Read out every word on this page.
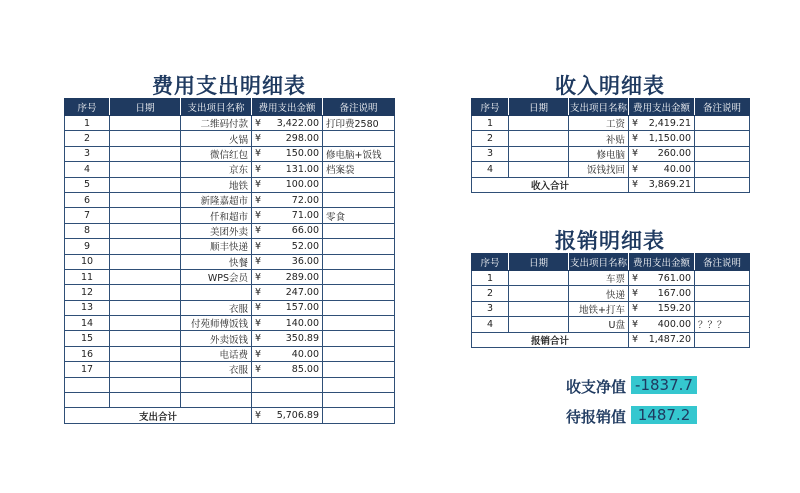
费用支出明细表
序号	日期	支出项目名称	费用支出金额	备注说明
1		二维码付款	¥ 3,422.00	打印费2580
2		火锅	¥ 298.00	

3		微信红包	¥ 150.00	修电脑+饭钱
4		京东	¥ 131.00	档案袋
5		地铁	¥ 100.00	

6		新隆嘉超市	¥ 72.00	

7		仟和超市	¥ 71.00	零食
8		美团外卖	¥ 66.00	

9		顺丰快递	¥ 52.00	

10		快餐	¥ 36.00	

11		WPS会员	¥ 289.00	

12			¥ 247.00	

13		衣服	¥ 157.00	

14		付苑师傅饭钱	¥ 140.00	

15		外卖饭钱	¥ 350.89	

16		电话费	¥ 40.00	

17		衣服	¥ 85.00	

支出合计			¥ 5,706.89	

收入明细表
序号	日期	支出项目名称	费用支出金额	备注说明
1		工资	¥ 2,419.21	

2		补贴	¥ 1,150.00	

3		修电脑	¥ 260.00	

4		饭钱找回	¥ 40.00	

收入合计			¥ 3,869.21	

报销明细表
序号	日期	支出项目名称	费用支出金额	备注说明
1		车票	¥ 761.00	

2		快递	¥ 167.00	

3		地铁+打车	¥ 159.20	

4		U盘	¥ 400.00	？？？
报销合计			¥ 1,487.20	

收支净值 -1837.7
待报销值 1487.2
